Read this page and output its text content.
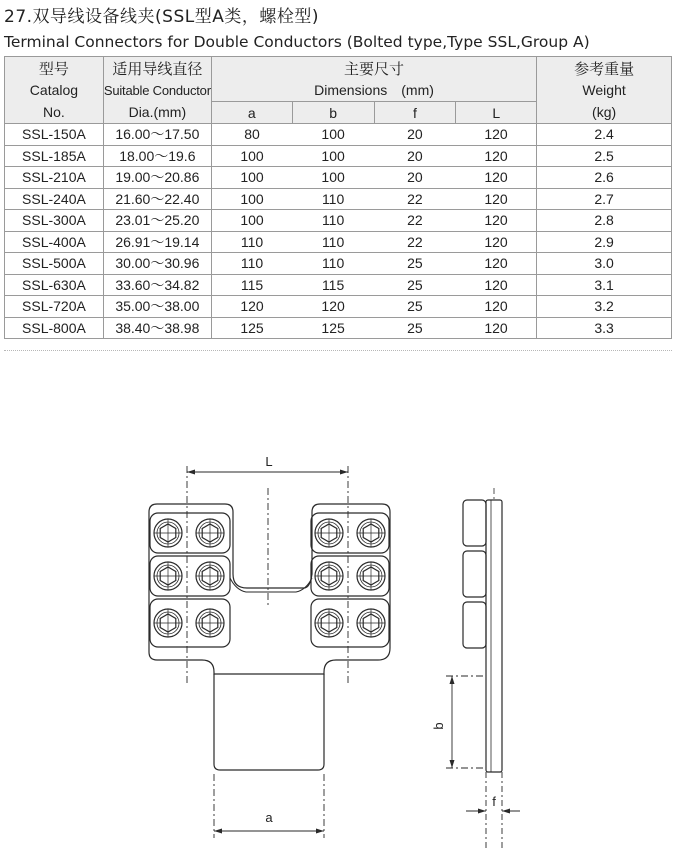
27.双导线设备线夹(SSL型A类，螺栓型)
Terminal Connectors for Double Conductors (Bolted type,Type SSL,Group A)
型号	适用导线直径	主要尺寸				参考重量
Catalog	Suitable Conductor	Dimensions　(mm)				Weight
No.	Dia.(mm)	a	b	f	L	(kg)
SSL-150A	16.00～17.50	80	100	20	120	2.4
SSL-185A	18.00～19.6	100	100	20	120	2.5
SSL-210A	19.00～20.86	100	100	20	120	2.6
SSL-240A	21.60～22.40	100	110	22	120	2.7
SSL-300A	23.01～25.20	100	110	22	120	2.8
SSL-400A	26.91～19.14	110	110	22	120	2.9
SSL-500A	30.00～30.96	110	110	25	120	3.0
SSL-630A	33.60～34.82	115	115	25	120	3.1
SSL-720A	35.00～38.00	120	120	25	120	3.2
SSL-800A	38.40～38.98	125	125	25	120	3.3
L
a
b
f
